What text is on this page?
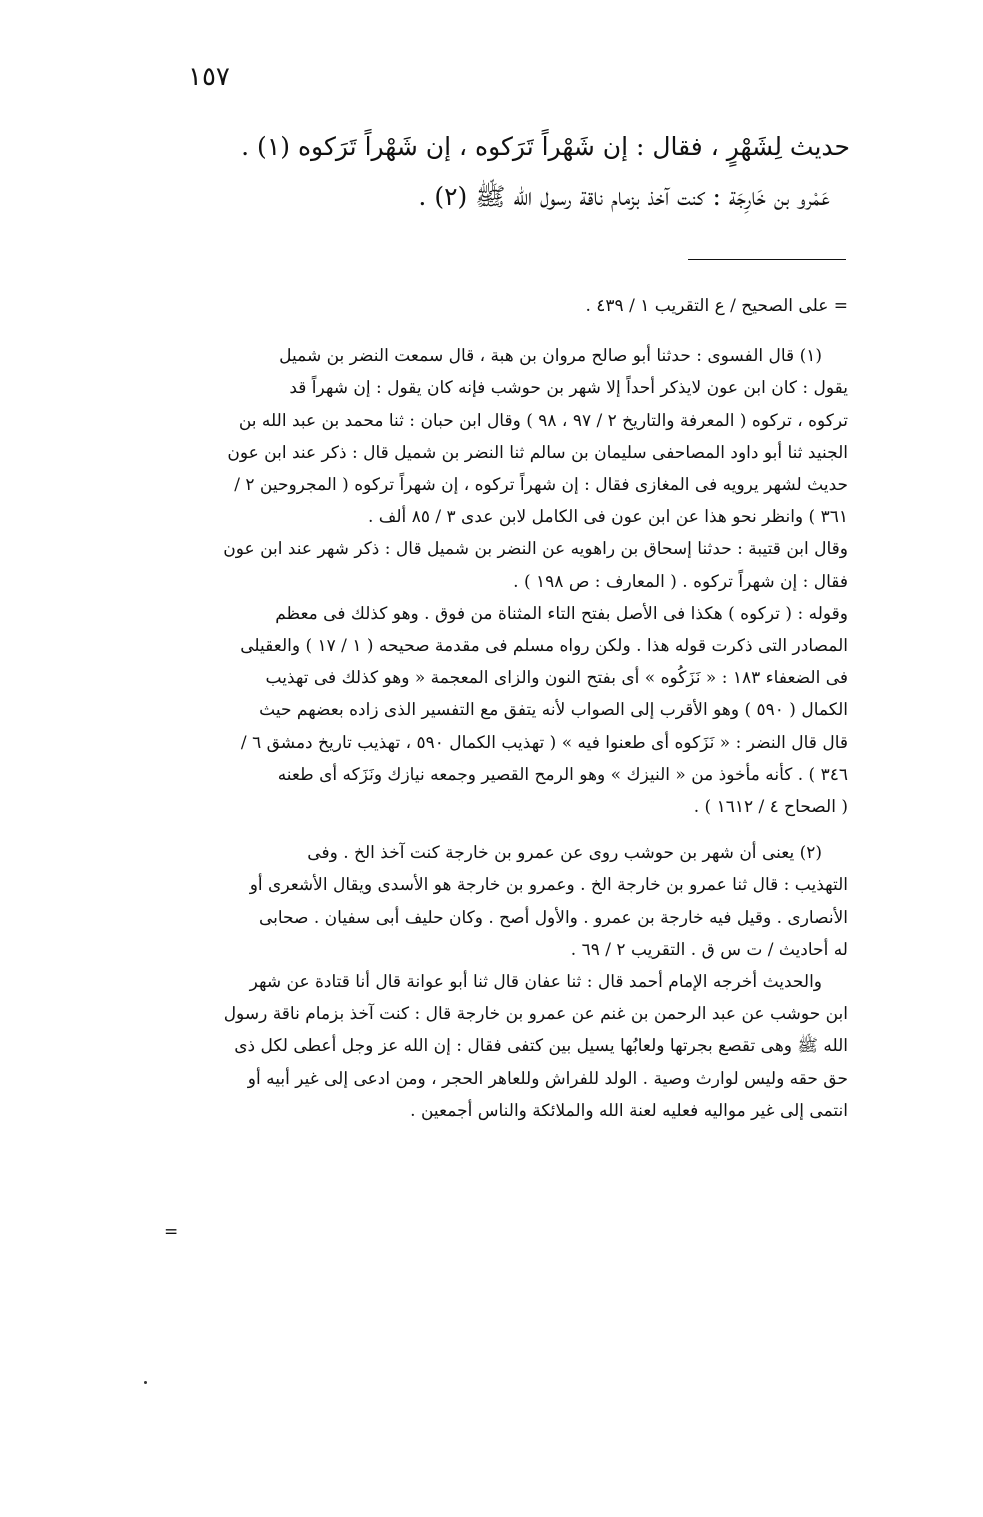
١٥٧
حديث لِشَهْرٍ ، فقال : إن شَهْراً تَرَكوه ، إن شَهْراً تَرَكوه (١) .
عَمْرو بن خَارِجَة : كنت آخذ بزمام ناقة رسول الله ﷺ (٢) .
= على الصحيح / ع التقريب ١ / ٤٣٩ .
(١) قال الفسوى : حدثنا أبو صالح مروان بن هبة ، قال سمعت النضر بن شميل
يقول : كان ابن عون لايذكر أحداً إلا شهر بن حوشب فإنه كان يقول : إن شهراً قد
تركوه ، تركوه ( المعرفة والتاريخ ٢ / ٩٧ ، ٩٨ ) وقال ابن حبان : ثنا محمد بن عبد الله بن
الجنيد ثنا أبو داود المصاحفى سليمان بن سالم ثنا النضر بن شميل قال : ذكر عند ابن عون
حديث لشهر يرويه فى المغازى فقال : إن شهراً تركوه ، إن شهراً تركوه ( المجروحين ٢ /
٣٦١ ) وانظر نحو هذا عن ابن عون فى الكامل لابن عدى ٣ / ٨٥ ألف .
وقال ابن قتيبة : حدثنا إسحاق بن راهويه عن النضر بن شميل قال : ذكر شهر عند ابن عون
فقال : إن شهراً تركوه . ( المعارف : ص ١٩٨ ) .
وقوله : ( تركوه ) هكذا فى الأصل بفتح التاء المثناة من فوق . وهو كذلك فى معظم
المصادر التى ذكرت قوله هذا . ولكن رواه مسلم فى مقدمة صحيحه ( ١ / ١٧ ) والعقيلى
فى الضعفاء ١٨٣ : « نَزَكُوه » أى بفتح النون والزاى المعجمة « وهو كذلك فى تهذيب
الكمال ( ٥٩٠ ) وهو الأقرب إلى الصواب لأنه يتفق مع التفسير الذى زاده بعضهم حيث
قال قال النضر : « نَزَكوه أى طعنوا فيه » ( تهذيب الكمال ٥٩٠ ، تهذيب تاريخ دمشق ٦ /
٣٤٦ ) . كأنه مأخوذ من « النيزك » وهو الرمح القصير وجمعه نيازك ونَزَكه أى طعنه
( الصحاح ٤ / ١٦١٢ ) .
(٢) يعنى أن شهر بن حوشب روى عن عمرو بن خارجة كنت آخذ الخ . وفى
التهذيب : قال ثنا عمرو بن خارجة الخ . وعمرو بن خارجة هو الأسدى ويقال الأشعرى أو
الأنصارى . وقيل فيه خارجة بن عمرو . والأول أصح . وكان حليف أبى سفيان . صحابى
له أحاديث / ت س ق . التقريب ٢ / ٦٩ .
والحديث أخرجه الإمام أحمد قال : ثنا عفان قال ثنا أبو عوانة قال أنا قتادة عن شهر
ابن حوشب عن عبد الرحمن بن غنم عن عمرو بن خارجة قال : كنت آخذ بزمام ناقة رسول
الله ﷺ وهى تقصع بجرتها ولعابُها يسيل بين كتفى فقال : إن الله عز وجل أعطى لكل ذى
حق حقه وليس لوارث وصية . الولد للفراش وللعاهر الحجر ، ومن ادعى إلى غير أبيه أو
انتمى إلى غير مواليه فعليه لعنة الله والملائكة والناس أجمعين .
=
